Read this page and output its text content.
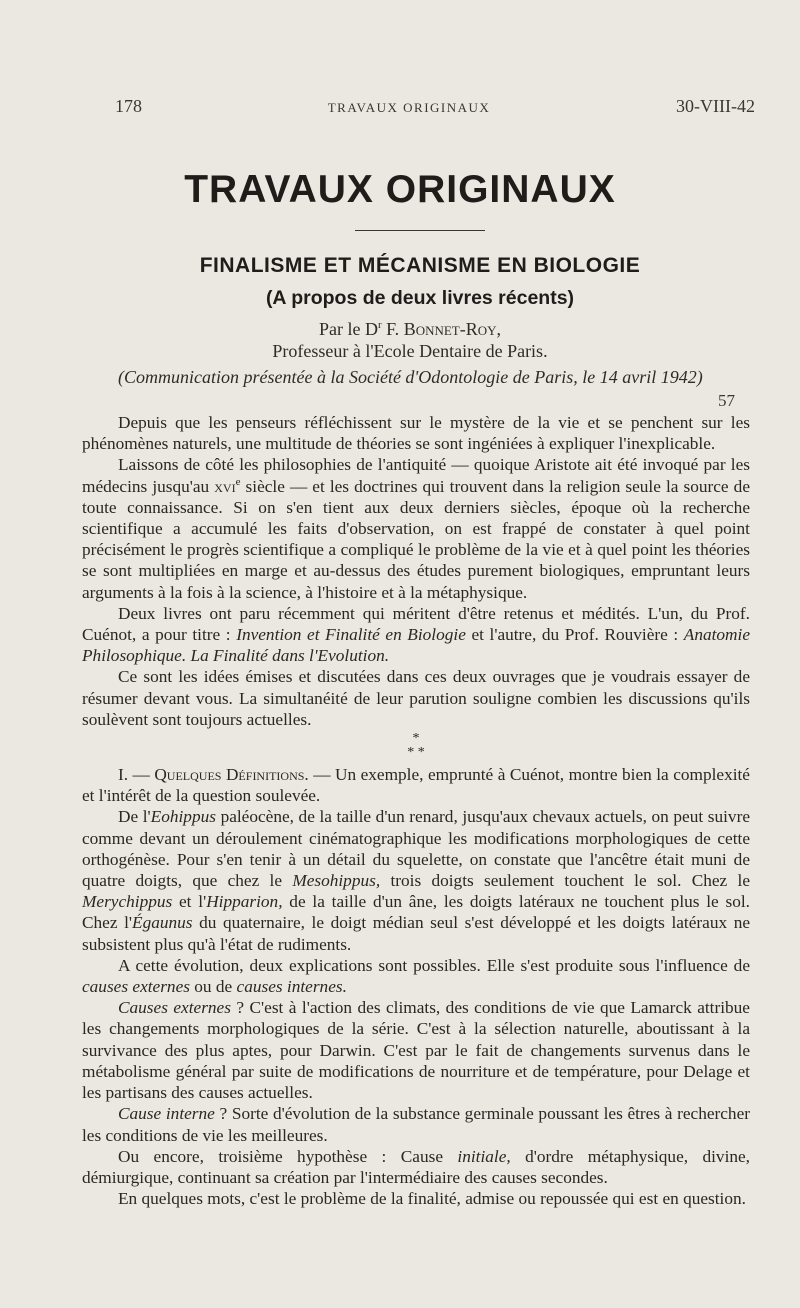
178	TRAVAUX ORIGINAUX	30-VIII-42
TRAVAUX ORIGINAUX
FINALISME ET MÉCANISME EN BIOLOGIE
(A propos de deux livres récents)
Par le $D^r$ F. Bonnet-Roy,
Professeur à l'Ecole Dentaire de Paris.
(Communication présentée à la Société d'Odontologie de Paris, le 14 avril 1942)
57

Depuis que les penseurs réfléchissent sur le mystère de la vie et se penchent sur les phénomènes naturels, une multitude de théories se sont ingéniées à expliquer l'inexplicable.

Laissons de côté les philosophies de l'antiquité — quoique Aristote ait été invoqué par les médecins jusqu'au xvi$^e$ siècle — et les doctrines qui trouvent dans la religion seule la source de toute connaissance. Si on s'en tient aux deux derniers siècles, époque où la recherche scientifique a accumulé les faits d'observation, on est frappé de constater à quel point précisément le progrès scientifique a compliqué le problème de la vie et à quel point les théories se sont multipliées en marge et au-dessus des études purement biologiques, empruntant leurs arguments à la fois à la science, à l'histoire et à la métaphysique.

Deux livres ont paru récemment qui méritent d'être retenus et médités. L'un, du Prof. Cuénot, a pour titre : Invention et Finalité en Biologie et l'autre, du Prof. Rouvière : Anatomie Philosophique. La Finalité dans l'Evolution.

Ce sont les idées émises et discutées dans ces deux ouvrages que je voudrais essayer de résumer devant vous. La simultanéité de leur parution souligne combien les discussions qu'ils soulèvent sont toujours actuelles.

*
* *

I. — Quelques Définitions. — Un exemple, emprunté à Cuénot, montre bien la complexité et l'intérêt de la question soulevée.

De l'Eohippus paléocène, de la taille d'un renard, jusqu'aux chevaux actuels, on peut suivre comme devant un déroulement cinématographique les modifications morphologiques de cette orthogénèse. Pour s'en tenir à un détail du squelette, on constate que l'ancêtre était muni de quatre doigts, que chez le Mesohippus, trois doigts seulement touchent le sol. Chez le Merychippus et l'Hipparion, de la taille d'un âne, les doigts latéraux ne touchent plus le sol. Chez l'Égaunus du quaternaire, le doigt médian seul s'est développé et les doigts latéraux ne subsistent plus qu'à l'état de rudiments.

A cette évolution, deux explications sont possibles. Elle s'est produite sous l'influence de causes externes ou de causes internes.

Causes externes ? C'est à l'action des climats, des conditions de vie que Lamarck attribue les changements morphologiques de la série. C'est à la sélection naturelle, aboutissant à la survivance des plus aptes, pour Darwin. C'est par le fait de changements survenus dans le métabolisme général par suite de modifications de nourriture et de température, pour Delage et les partisans des causes actuelles.

Cause interne ? Sorte d'évolution de la substance germinale poussant les êtres à rechercher les conditions de vie les meilleures.

Ou encore, troisième hypothèse : Cause initiale, d'ordre métaphysique, divine, démiurgique, continuant sa création par l'intermédiaire des causes secondes.

En quelques mots, c'est le problème de la finalité, admise ou repoussée qui est en question.
